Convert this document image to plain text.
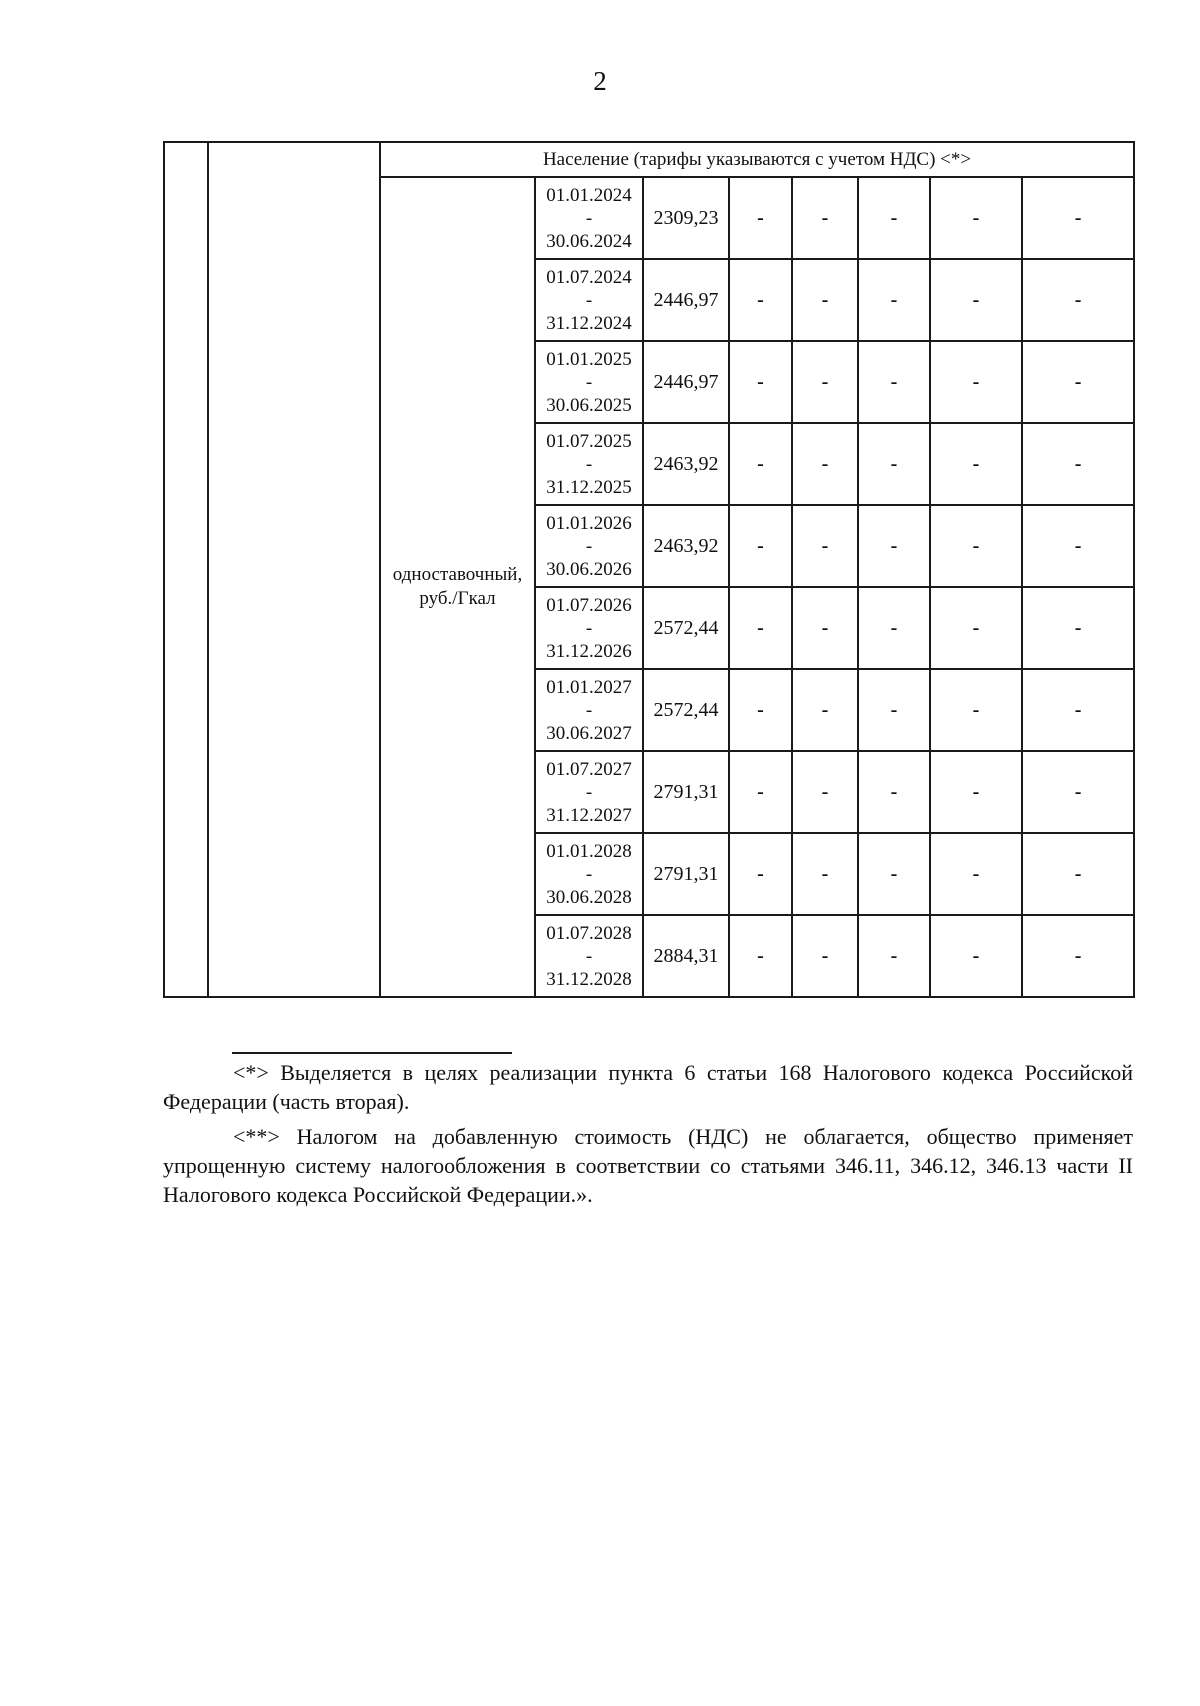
2
		Население (тарифы указываются с учетом НДС) <*>							
		одноставочный, руб./Гкал	01.01.2024
-
30.06.2024	2309,23	-	-	-	-	-

			01.07.2024
-
31.12.2024	2446,97	-	-	-	-	-

			01.01.2025
-
30.06.2025	2446,97	-	-	-	-	-

			01.07.2025
-
31.12.2025	2463,92	-	-	-	-	-

			01.01.2026
-
30.06.2026	2463,92	-	-	-	-	-

			01.07.2026
-
31.12.2026	2572,44	-	-	-	-	-

			01.01.2027
-
30.06.2027	2572,44	-	-	-	-	-

			01.07.2027
-
31.12.2027	2791,31	-	-	-	-	-

			01.01.2028
-
30.06.2028	2791,31	-	-	-	-	-

			01.07.2028
-
31.12.2028	2884,31	-	-	-	-	-

<*> Выделяется в целях реализации пункта 6 статьи 168 Налогового кодекса Российской Федерации (часть вторая).

<**> Налогом на добавленную стоимость (НДС) не облагается, общество применяет упрощенную систему налогообложения в соответствии со статьями 346.11, 346.12, 346.13 части II Налогового кодекса Российской Федерации.».
